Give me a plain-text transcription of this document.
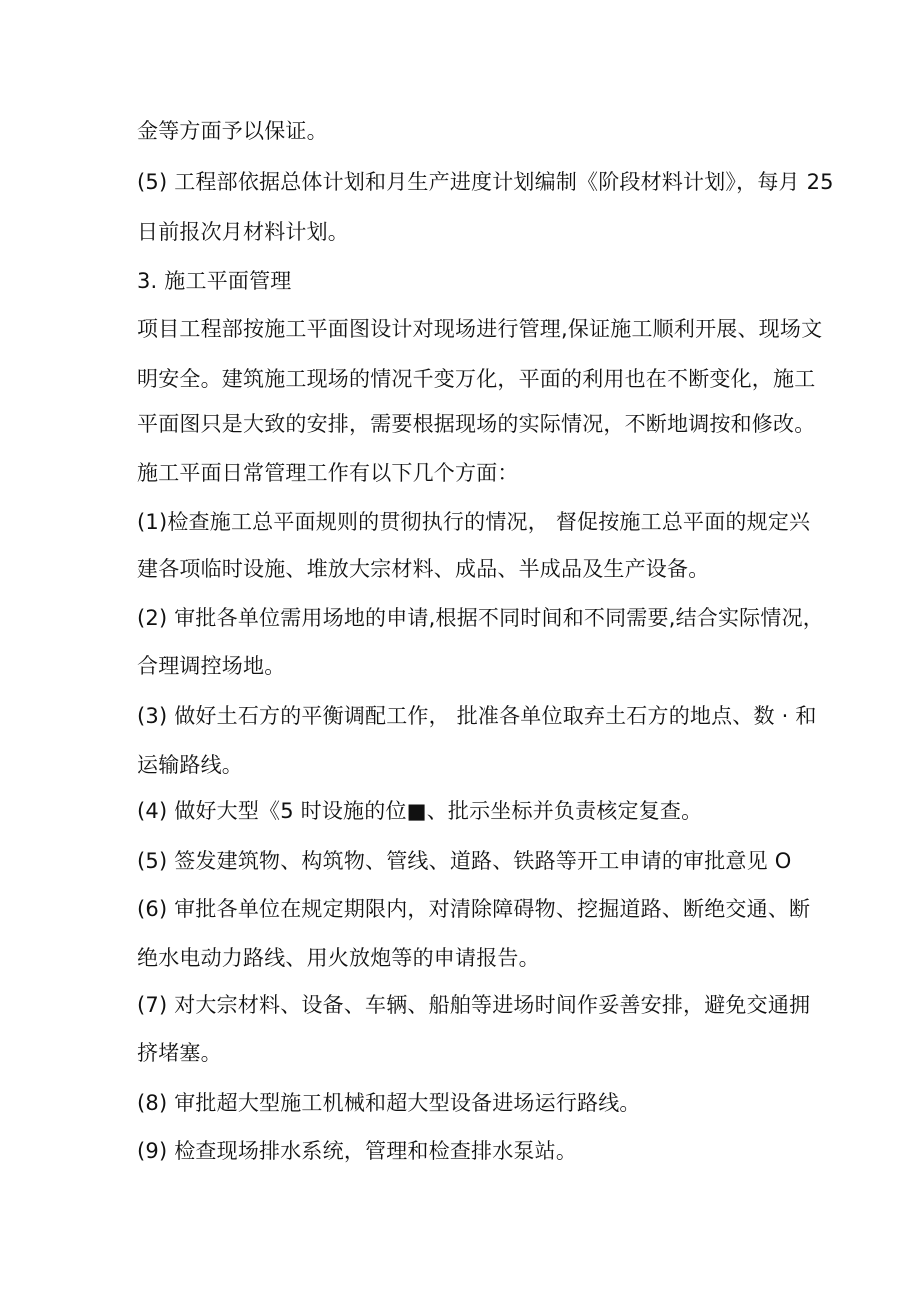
金等方面予以保证。
(5) 工程部依据总体计划和月生产进度计划编制《阶段材料计划》，每月 25
日前报次月材料计划。
3. 施工平面管理
项目工程部按施工平面图设计对现场进行管理,保证施工顺利开展、现场文
明安全。建筑施工现场的情况千变万化，平面的利用也在不断变化，施工
平面图只是大致的安排，需要根据现场的实际情况，不断地调按和修改。
施工平面日常管理工作有以下几个方面：
(1)检查施工总平面规则的贯彻执行的情况， 督促按施工总平面的规定兴
建各项临时设施、堆放大宗材料、成品、半成品及生产设备。
(2) 审批各单位需用场地的申请,根据不同时间和不同需要,结合实际情况，
合理调控场地。
(3) 做好土石方的平衡调配工作， 批准各单位取弃土石方的地点、数 · 和
运输路线。
(4) 做好大型《5 时设施的位■、批示坐标并负责核定复查。
(5) 签发建筑物、构筑物、管线、道路、铁路等开工申请的审批意见 O
(6) 审批各单位在规定期限内，对清除障碍物、挖掘道路、断绝交通、断
绝水电动力路线、用火放炮等的申请报告。
(7) 对大宗材料、设备、车辆、船舶等进场时间作妥善安排，避免交通拥
挤堵塞。
(8) 审批超大型施工机械和超大型设备进场运行路线。
(9) 检查现场排水系统，管理和检查排水泵站。
